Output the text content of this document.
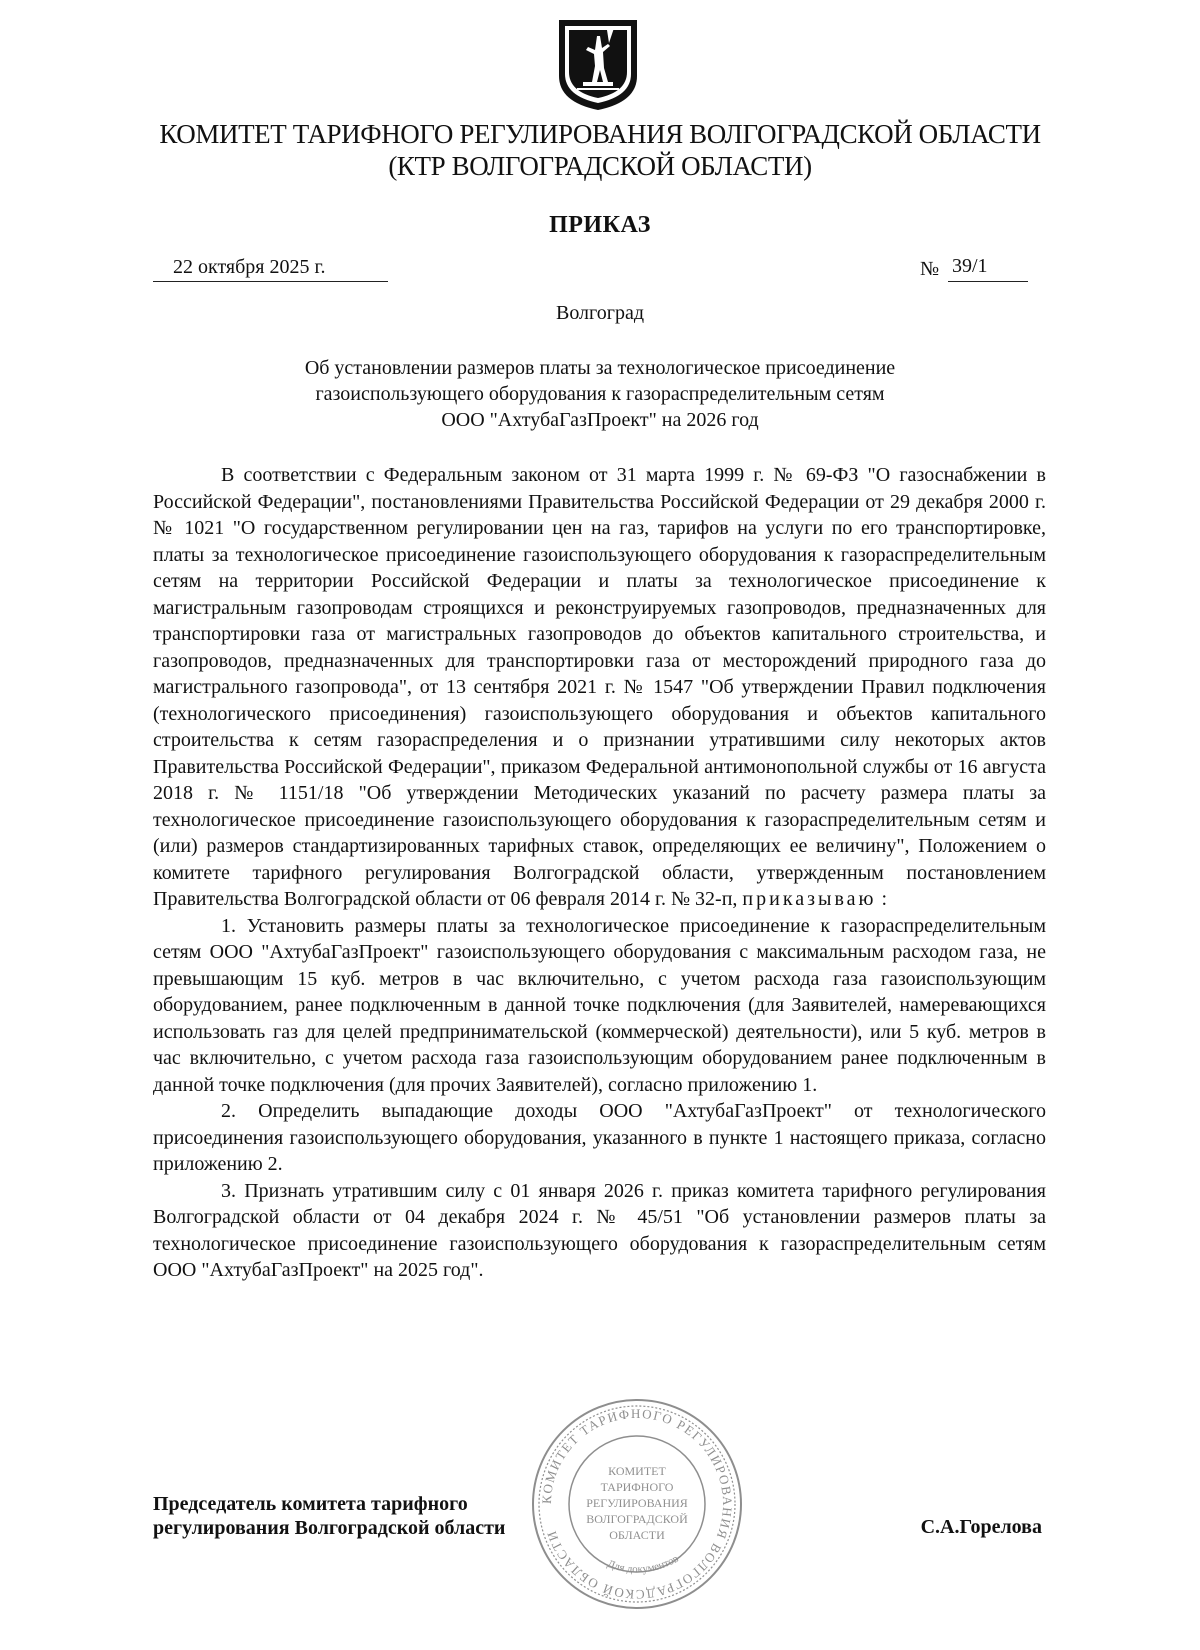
КОМИТЕТ ТАРИФНОГО РЕГУЛИРОВАНИЯ ВОЛГОГРАДСКОЙ ОБЛАСТИ
(КТР ВОЛГОГРАДСКОЙ ОБЛАСТИ)
ПРИКАЗ
22 октября 2025 г.	№ 39/1
Волгоград
Об установлении размеров платы за технологическое присоединение
газоиспользующего оборудования к газораспределительным сетям
ООО "АхтубаГазПроект" на 2026 год

В соответствии с Федеральным законом от 31 марта 1999 г. № 69-ФЗ "О газоснабжении в Российской Федерации", постановлениями Правительства Российской Федерации от 29 декабря 2000 г. № 1021 "О государственном регулировании цен на газ, тарифов на услуги по его транспортировке, платы за технологическое присоединение газоиспользующего оборудования к газораспределительным сетям на территории Российской Федерации и платы за технологическое присоединение к магистральным газопроводам строящихся и реконструируемых газопроводов, предназначенных для транспортировки газа от магистральных газопроводов до объектов капитального строительства, и газопроводов, предназначенных для транспортировки газа от месторождений природного газа до магистрального газопровода", от 13 сентября 2021 г. № 1547 "Об утверждении Правил подключения (технологического присоединения) газоиспользующего оборудования и объектов капитального строительства к сетям газораспределения и о признании утратившими силу некоторых актов Правительства Российской Федерации", приказом Федеральной антимонопольной службы от 16 августа 2018 г. № 1151/18 "Об утверждении Методических указаний по расчету размера платы за технологическое присоединение газоиспользующего оборудования к газораспределительным сетям и (или) размеров стандартизированных тарифных ставок, определяющих ее величину", Положением о комитете тарифного регулирования Волгоградской области, утвержденным постановлением Правительства Волгоградской области от 06 февраля 2014 г. № 32-п, приказываю :

1. Установить размеры платы за технологическое присоединение к газораспределительным сетям ООО "АхтубаГазПроект" газоиспользующего оборудования с максимальным расходом газа, не превышающим 15 куб. метров в час включительно, с учетом расхода газа газоиспользующим оборудованием, ранее подключенным в данной точке подключения (для Заявителей, намеревающихся использовать газ для целей предпринимательской (коммерческой) деятельности), или 5 куб. метров в час включительно, с учетом расхода газа газоиспользующим оборудованием ранее подключенным в данной точке подключения (для прочих Заявителей), согласно приложению 1.

2. Определить выпадающие доходы ООО "АхтубаГазПроект" от технологического присоединения газоиспользующего оборудования, указанного в пункте 1 настоящего приказа, согласно приложению 2.

3. Признать утратившим силу с 01 января 2026 г. приказ комитета тарифного регулирования Волгоградской области от 04 декабря 2024 г. № 45/51 "Об установлении размеров платы за технологическое присоединение газоиспользующего оборудования к газораспределительным сетям ООО "АхтубаГазПроект" на 2025 год".

Председатель комитета тарифного
регулирования Волгоградской области	С.А.Горелова
КОМИТЕТ ТАРИФНОГО РЕГУЛИРОВАНИЯ ВОЛГОГРАДСКОЙ ОБЛАСТИ
КОМИТЕТ
ТАРИФНОГО
РЕГУЛИРОВАНИЯ
ВОЛГОГРАДСКОЙ
ОБЛАСТИ
Для документов
